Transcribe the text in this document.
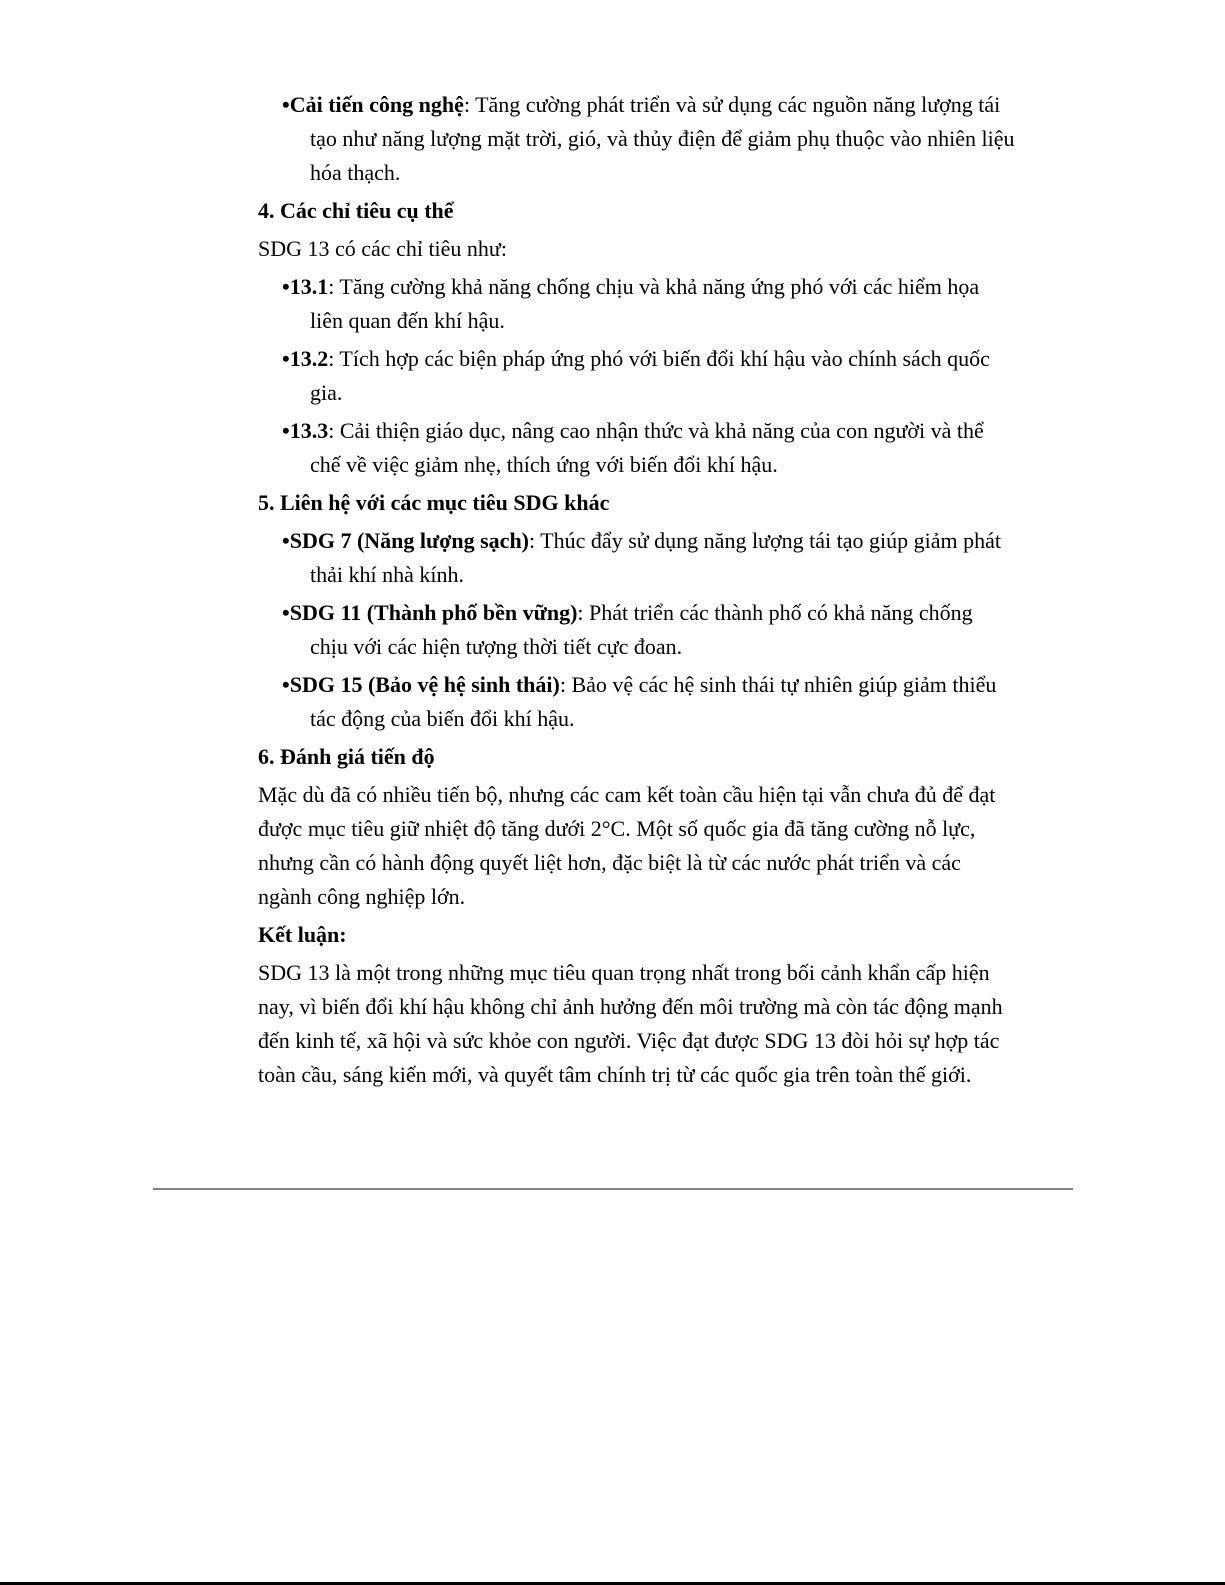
•Cải tiến công nghệ: Tăng cường phát triển và sử dụng các nguồn năng lượng tái tạo như năng lượng mặt trời, gió, và thủy điện để giảm phụ thuộc vào nhiên liệu hóa thạch.

4. Các chỉ tiêu cụ thể

SDG 13 có các chỉ tiêu như:

•13.1: Tăng cường khả năng chống chịu và khả năng ứng phó với các hiểm họa liên quan đến khí hậu.

•13.2: Tích hợp các biện pháp ứng phó với biến đổi khí hậu vào chính sách quốc gia.

•13.3: Cải thiện giáo dục, nâng cao nhận thức và khả năng của con người và thể chế về việc giảm nhẹ, thích ứng với biến đổi khí hậu.

5. Liên hệ với các mục tiêu SDG khác

•SDG 7 (Năng lượng sạch): Thúc đẩy sử dụng năng lượng tái tạo giúp giảm phát thải khí nhà kính.

•SDG 11 (Thành phố bền vững): Phát triển các thành phố có khả năng chống chịu với các hiện tượng thời tiết cực đoan.

•SDG 15 (Bảo vệ hệ sinh thái): Bảo vệ các hệ sinh thái tự nhiên giúp giảm thiểu tác động của biến đổi khí hậu.

6. Đánh giá tiến độ

Mặc dù đã có nhiều tiến bộ, nhưng các cam kết toàn cầu hiện tại vẫn chưa đủ để đạt được mục tiêu giữ nhiệt độ tăng dưới 2°C. Một số quốc gia đã tăng cường nỗ lực, nhưng cần có hành động quyết liệt hơn, đặc biệt là từ các nước phát triển và các ngành công nghiệp lớn.

Kết luận:

SDG 13 là một trong những mục tiêu quan trọng nhất trong bối cảnh khẩn cấp hiện nay, vì biến đổi khí hậu không chỉ ảnh hưởng đến môi trường mà còn tác động mạnh đến kinh tế, xã hội và sức khỏe con người. Việc đạt được SDG 13 đòi hỏi sự hợp tác toàn cầu, sáng kiến mới, và quyết tâm chính trị từ các quốc gia trên toàn thế giới.
